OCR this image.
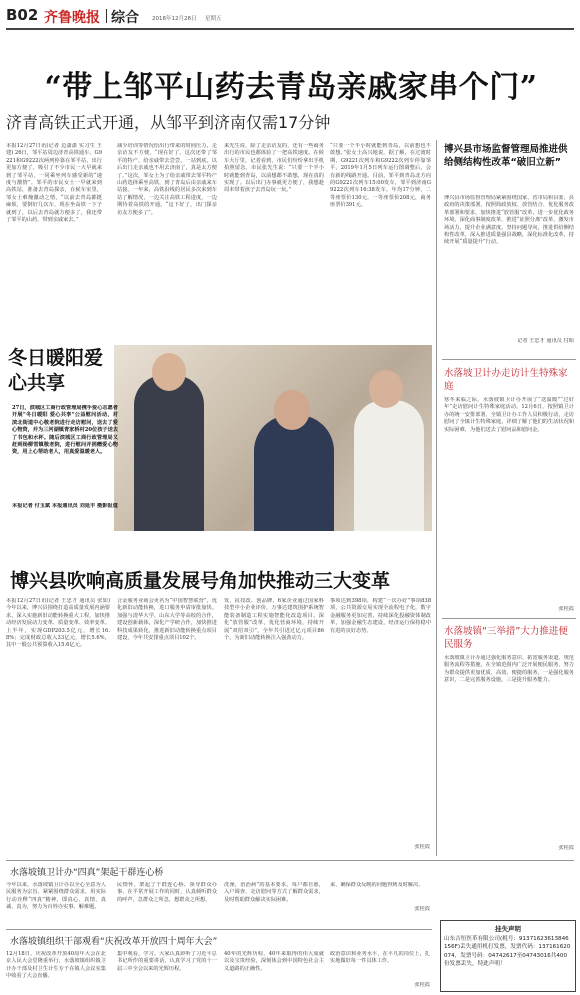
B02 齐鲁晚报 综合 2018年12月28日 星期五
“带上邹平山药去青岛亲戚家串个门”
济青高铁正式开通，从邹平到济南仅需17分钟
本报12月27日讯(记者 边潇潇 实习生 王建) 26日，邹平站周边济青高铁通车，G9221和G9222次两列停靠在邹平站，出行更加方便了，吸引了不少市民一大早就来到了邹平站，一同乘坐列车感受新的“速度与激情”。邹平的市民女士一早就来到高铁站，准备去青岛探亲，在候车室里，邹女士难掩激动之情，“以前去青岛都挺麻烦，要倒好几次车，现在坐高铁一下子就到了，以后去青岛就方便多了，我还带了邹平的山药，带到亲戚家去。”
减少培训等情况给出行带来的时间压力，走亲访友不方便，“现在好了，这次还带了邹平的特产，给亲戚带去尝尝，一站到底，以后出门走亲戚也不用去济南了，真是太方便了。”这次，邹女士为了给亲戚带去邹平特产山药选择乘坐高铁，到了青岛后由亲戚来车站接。一年来，高铁沿线的居民多次来到车站了解情况，一边关注高铁工程进度，一边期待着高铁的开通，“这下好了，出门探亲访友方便多了”。
来先生说，除了走亲访友的，还有一些商务出行的市民也都体验了一把高铁速度。在候车大厅里，记者看到，市民们纷纷拿出手机拍照留念，市民张先生说：“只要一个半小时就能到青岛，以前想都不敢想，现在真的实现了。以后出门办事就更方便了，我想趁周末带着孩子去青岛玩一玩。”
“只要一个半小时就能到青岛，以前想也不敢想。”张女士高兴地说。据了解，在过渡时期，G9221次列车和G9222次列车停靠邹平，2019年1月5日列车运行图调整后，会有新的线路开通。目前，邹平到青岛北方向的G9221次列车15:00发车，邹平到济南G9222次列车16:38发车，年均17分钟，二等座票价130元，一等座票价208元，商务座票价391元。
博兴县市场监督管理局推进供给侧结构性改革“破旧立新”
博兴县市场监督管理局紧紧围绕国家、省市局和县委、县政府的决策部署，按照简政放权、放管结合、优化服务改革部署和要求，加快推进“放管服”改革，进一步优化政务环境，深化商事制度改革，推进“证照分离”改革，激发市场活力，提升企业满意度。坚持问题导向，推进供给侧结构性改革，深入推进质量强县战略，深化标准化改革，持续开展“质量提升”行动。
记者 王忠才 通讯员 付昭
水落坡卫计办走访计生特殊家庭
寒冬来临之际，水落坡镇卫计办开展了“送温暖”“过好年”走访慰问计生特殊家庭活动。12月6日，按照镇卫计办的统一安排部署，全镇卫计办工作人员积极行动，走访慰问了全镇计生特殊家庭，详细了解了他们的生活状况和实际困难，为他们送去了慰问品和慰问金。
张桂霞
水落坡镇“三举措”大力推进便民服务
水落坡镇卫计办通过强化服务意识、拓宽服务渠道、规范服务流程等措施，在全镇范围内广泛开展便民服务，努力为群众提供更加优质、高效、便捷的服务，一是强化服务意识，二是完善服务设施，三是提升服务能力。
张桂霞
冬日暖阳爱心共享
27日，滨城区工商行政管理局携手爱心志愿者开展“冬日暖阳 爱心共享”公益慰问活动，对滨北街道中心敬老院进行走访慰问，送去了爱心物资，并为三河湖镇青家桥村20位孩子送去了书包和水杯。随后滨城区工商行政管理局又赶到杨柳雪镇敬老院，进行慰问并捐赠爱心物资，用上心帮助老人，用真爱温暖老人。
本报记者 付玉斌 本报通讯员 刘延丰 摄影报道
博兴县吹响高质量发展号角加快推动三大变革
本报12月27日讯(记者 王忠才 通讯员 张如) 今年以来，博兴县围绕打造高质量发展内涵要求，深入实施新旧动能转换重大工程，加快推动经济发展动力变革、质量变革、效率变革。上半年，实现GDP203.5亿元，增长16.8%；完成财政总收入33亿元，增长5.6%，其中一般公共预算收入15.6亿元。
合金服务业商会更名为“中国智慧联营”，优化新旧动能转换，进口服务申请审批加快。加强与清华大学、山东大学等高校的合作，建设创新载体，深化产学研合作，加快推进科技成果转化，推进新旧动能转换重点项目建设，今年共安排重点项目102个。
发，抗技改、创品牌，6家企业通过国家科技型中小企业评价，万事达建筑围护系统智能装备制造工程实施智能化改造项目。深化“放管服”改革，优化营商环境，持续开展“双招双引”，全年共引进过亿元项目86个，为新旧动能转换注入强劲动力。
事项达到398项，构建“一次办好”事项838项，公共资源交易实现全流程电子化，数字金融服务更加完善，持续深化投融资体制改革，加强金融生态建设，经济运行保持稳中有进的良好态势。
张桂霞
水落坡镇卫计办“四真”架起干群连心桥
今年以来，水落坡镇卫计办以全心全意为人民服务为宗旨，紧紧围绕群众需求，用实际行动诠释“四真”精神，即真心、真情、真诚、真为，努力为百姓办实事、解难题。
民情怀，架起了干群连心桥。领导群众办事，在平常开展工作的同时，认真倾听群众的呼声，急群众之所急，想群众之所想。
洗澡，治治病”的基本要求，每户都自愿，入户调查、走访慰问等方式了解群众需求，及时帮助群众解决实际困难。
来，确保群众反映的问题得到及时解决。
张桂霞
水落坡镇组织干部观看“庆祝改革开放四十周年大会”
12月18日，庆祝改革开放40周年大会在北京人民大会堂隆重举行，水落坡镇组织镇卫计办干部及村卫生计生专干在镇人会议室集中收看了大会直播。
集中观看，学习。大家认真聆听了习近平总书记所作的重要讲话，认真学习了党的十一届三中全会以来的光辉历程。
40年的光辉历程，40年来取得的伟大成就以及宝贵经验，深刻体会到中国特色社会主义道路的正确性。
政治意识和业务水平，在平凡的岗位上，扎实地做好每一件具体工作。
张桂霞
挂失声明
山东吉恒医革有限公司(税号：91371623613846156F)丢失通用机打发票，发票代码：137161620074，发票号码：04742617至04743016共400份发票丢失，特此声明！
